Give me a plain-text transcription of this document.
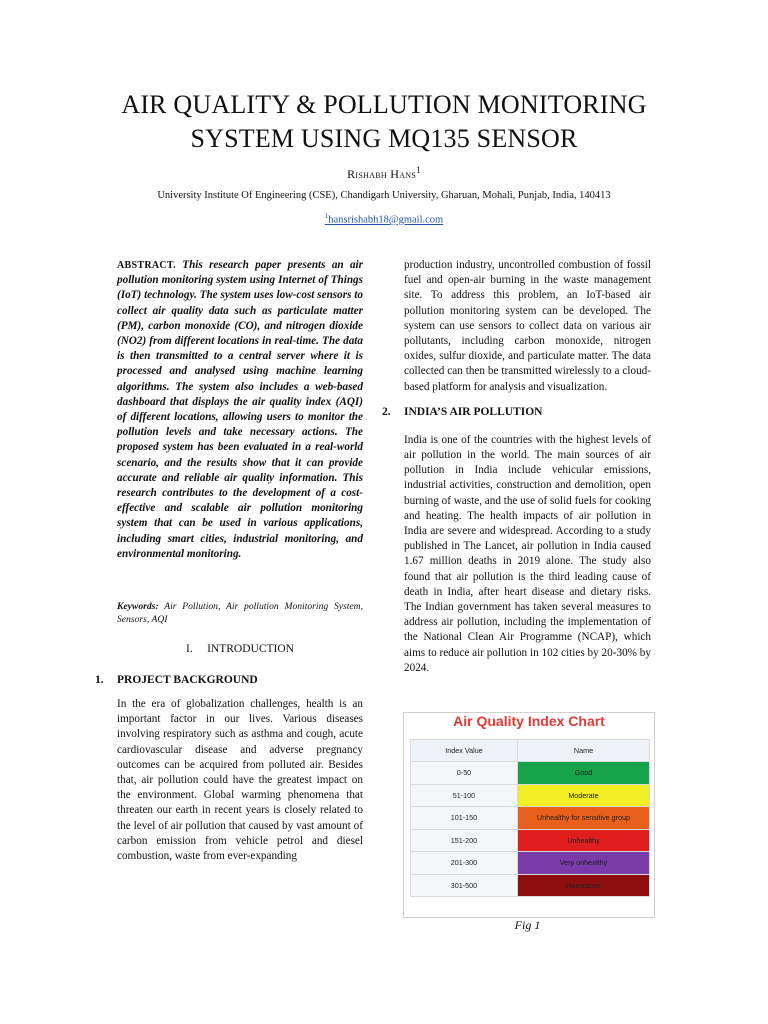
AIR QUALITY & POLLUTION MONITORING
SYSTEM USING MQ135 SENSOR
Rishabh Hans$^1$
University Institute Of Engineering (CSE), Chandigarh University, Gharuan, Mohali, Punjab, India, 140413
$^1$hansrishabh18@gmail.com

ABSTRACT. This research paper presents an air pollution monitoring system using Internet of Things (IoT) technology. The system uses low-cost sensors to collect air quality data such as particulate matter (PM), carbon monoxide (CO), and nitrogen dioxide (NO2) from different locations in real-time. The data is then transmitted to a central server where it is processed and analysed using machine learning algorithms. The system also includes a web-based dashboard that displays the air quality index (AQI) of different locations, allowing users to monitor the pollution levels and take necessary actions. The proposed system has been evaluated in a real-world scenario, and the results show that it can provide accurate and reliable air quality information. This research contributes to the development of a cost-effective and scalable air pollution monitoring system that can be used in various applications, including smart cities, industrial monitoring, and environmental monitoring.

Keywords: Air Pollution, Air pollution Monitoring System, Sensors, AQI

I. INTRODUCTION

1. PROJECT BACKGROUND

In the era of globalization challenges, health is an important factor in our lives. Various diseases involving respiratory such as asthma and cough, acute cardiovascular disease and adverse pregnancy outcomes can be acquired from polluted air. Besides that, air pollution could have the greatest impact on the environment. Global warming phenomena that threaten our earth in recent years is closely related to the level of air pollution that caused by vast amount of carbon emission from vehicle petrol and diesel combustion, waste from ever-expanding

production industry, uncontrolled combustion of fossil fuel and open-air burning in the waste management site. To address this problem, an IoT-based air pollution monitoring system can be developed. The system can use sensors to collect data on various air pollutants, including carbon monoxide, nitrogen oxides, sulfur dioxide, and particulate matter. The data collected can then be transmitted wirelessly to a cloud-based platform for analysis and visualization.

2. INDIA’S AIR POLLUTION

India is one of the countries with the highest levels of air pollution in the world. The main sources of air pollution in India include vehicular emissions, industrial activities, construction and demolition, open burning of waste, and the use of solid fuels for cooking and heating. The health impacts of air pollution in India are severe and widespread. According to a study published in The Lancet, air pollution in India caused 1.67 million deaths in 2019 alone. The study also found that air pollution is the third leading cause of death in India, after heart disease and dietary risks. The Indian government has taken several measures to address air pollution, including the implementation of the National Clean Air Programme (NCAP), which aims to reduce air pollution in 102 cities by 20-30% by 2024.

Air Quality Index Chart
Index Value	Name
0-50	Good
51-100	Moderate
101-150	Unhealthy for sensitive group
151-200	Unhealthy
201-300	Very unhealthy
301-500	Hazardous
Fig 1
